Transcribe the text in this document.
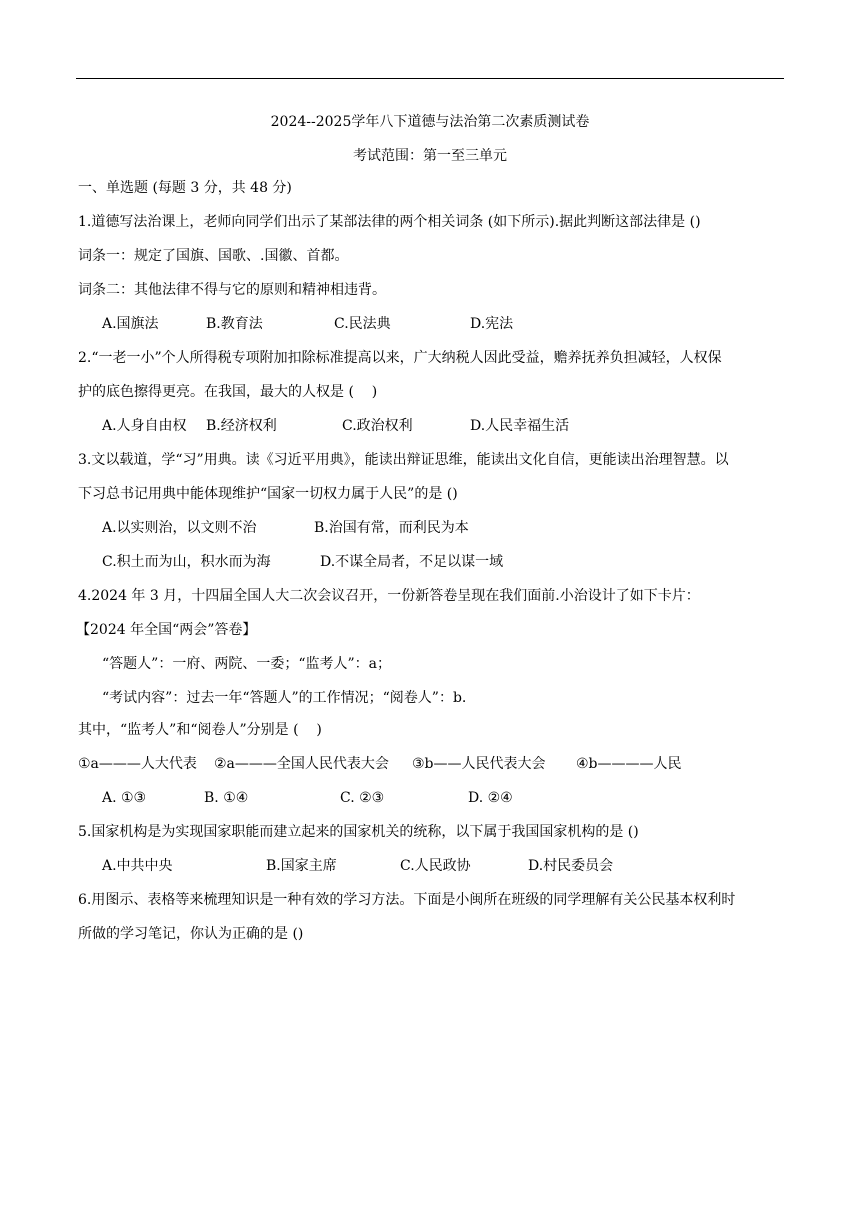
2024--2025学年八下道德与法治第二次素质测试卷
考试范围：第一至三单元
一、单选题 (每题 3 分，共 48 分)
1.道德写法治课上，老师向同学们出示了某部法律的两个相关词条 (如下所示).据此判断这部法律是 ()
词条一：规定了国旗、国歌、.国徽、首都。
词条二：其他法律不得与它的原则和精神相违背。
A.国旗法	B.教育法	C.民法典	D.宪法
2.“一老一小”个人所得税专项附加扣除标准提高以来，广大纳税人因此受益，赡养抚养负担减轻，人权保
护的底色擦得更亮。在我国，最大的人权是 (    )
A.人身自由权 B.经济权利	C.政治权利	D.人民幸福生活
3.文以载道，学“习”用典。读《习近平用典》，能读出辩证思维，能读出文化自信，更能读出治理智慧。以
下习总书记用典中能体现维护“国家一切权力属于人民”的是 ()
A.以实则治，以文则不治	B.治国有常，而利民为本
C.积土而为山，积水而为海	D.不谋全局者，不足以谋一域
4.2024 年 3 月，十四届全国人大二次会议召开，一份新答卷呈现在我们面前.小治设计了如下卡片：
【2024 年全国“两会”答卷】
“答题人”：一府、两院、一委；“监考人”：a；
“考试内容”：过去一年“答题人”的工作情况；“阅卷人”：b.
其中，“监考人”和“阅卷人”分别是 (    )
①a———人大代表 ②a———全国人民代表大会 ③b——人民代表大会 ④b————人民
A. ①③	B. ①④	C. ②③	D. ②④
5.国家机构是为实现国家职能而建立起来的国家机关的统称，以下属于我国国家机构的是 ()
A.中共中央	B.国家主席	C.人民政协	D.村民委员会
6.用图示、表格等来梳理知识是一种有效的学习方法。下面是小闽所在班级的同学理解有关公民基本权利时
所做的学习笔记，你认为正确的是 ()
